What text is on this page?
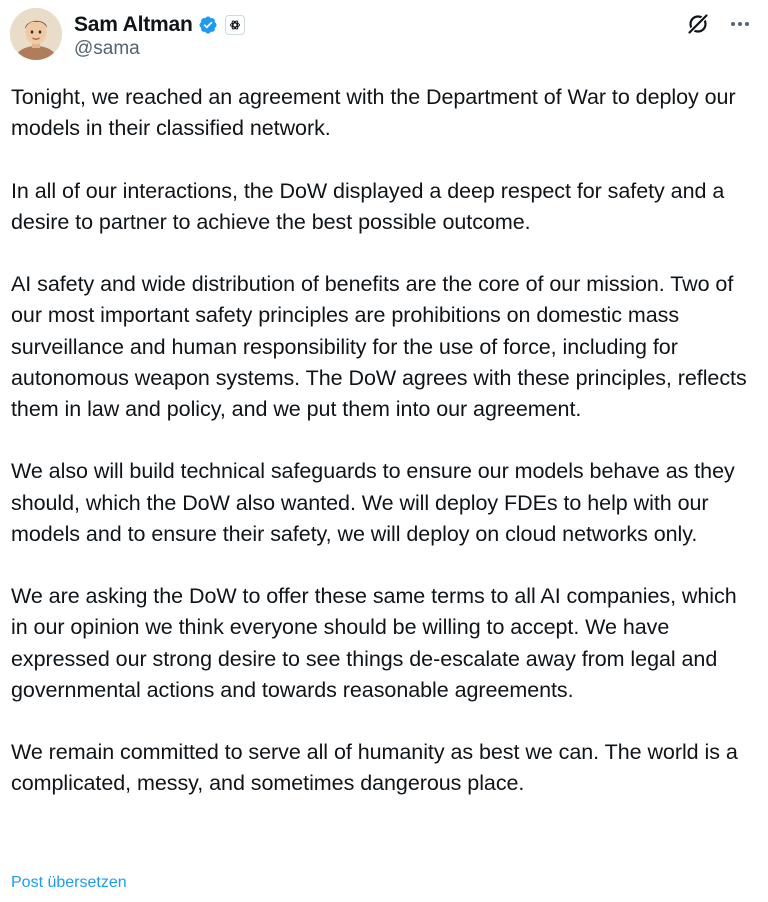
Sam Altman
@sama

Tonight, we reached an agreement with the Department of War to deploy our models in their classified network.

In all of our interactions, the DoW displayed a deep respect for safety and a desire to partner to achieve the best possible outcome.

AI safety and wide distribution of benefits are the core of our mission. Two of our most important safety principles are prohibitions on domestic mass surveillance and human responsibility for the use of force, including for autonomous weapon systems. The DoW agrees with these principles, reflects them in law and policy, and we put them into our agreement.

We also will build technical safeguards to ensure our models behave as they should, which the DoW also wanted. We will deploy FDEs to help with our models and to ensure their safety, we will deploy on cloud networks only.

We are asking the DoW to offer these same terms to all AI companies, which in our opinion we think everyone should be willing to accept. We have expressed our strong desire to see things de-escalate away from legal and governmental actions and towards reasonable agreements.

We remain committed to serve all of humanity as best we can. The world is a complicated, messy, and sometimes dangerous place.

Post übersetzen
